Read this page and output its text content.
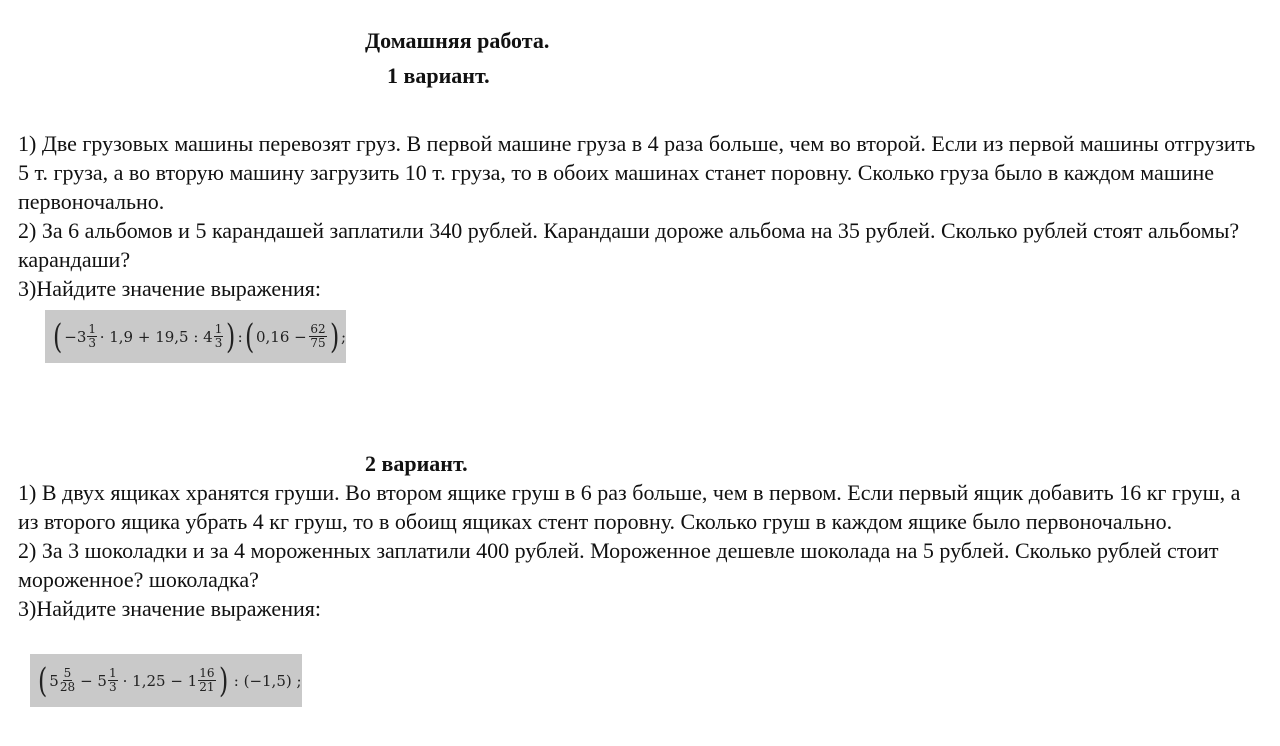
Домашняя работа.
1 вариант.

1) Две грузовых машины перевозят груз. В первой машине груза в 4 раза больше, чем во второй. Если из первой машины отгрузить 5 т. груза, а во вторую машину загрузить 10 т. груза, то в обоих машинах станет поровну. Сколько груза было в каждом машине первоночально.

2) За 6 альбомов и 5 карандашей заплатили 340 рублей. Карандаши дороже альбома на 35 рублей. Сколько рублей стоят альбомы? карандаши?

3)Найдите значение выражения:

( $-3 \frac{1}{3} \cdot 1,9 + 19,5$ : $4 \frac{1}{3}$ ) : ( $0,16 - \frac{62}{75}$ ) ;
2 вариант.

1) В двух ящиках хранятся груши. Во втором ящике груш в 6 раз больше, чем в первом. Если первый ящик добавить 16 кг груш, а из второго ящика убрать 4 кг груш, то в обоищ ящиках стент поровну. Сколько груш в каждом ящике было первоночально.

2) За 3 шоколадки и за 4 мороженных заплатили 400 рублей. Мороженное дешевле шоколада на 5 рублей. Сколько рублей стоит мороженное? шоколадка?

3)Найдите значение выражения:

( $5 \frac{5}{28} - 5 \frac{1}{3} \cdot 1,25 - 1 \frac{16}{21}$ ) : (−1,5) ;
